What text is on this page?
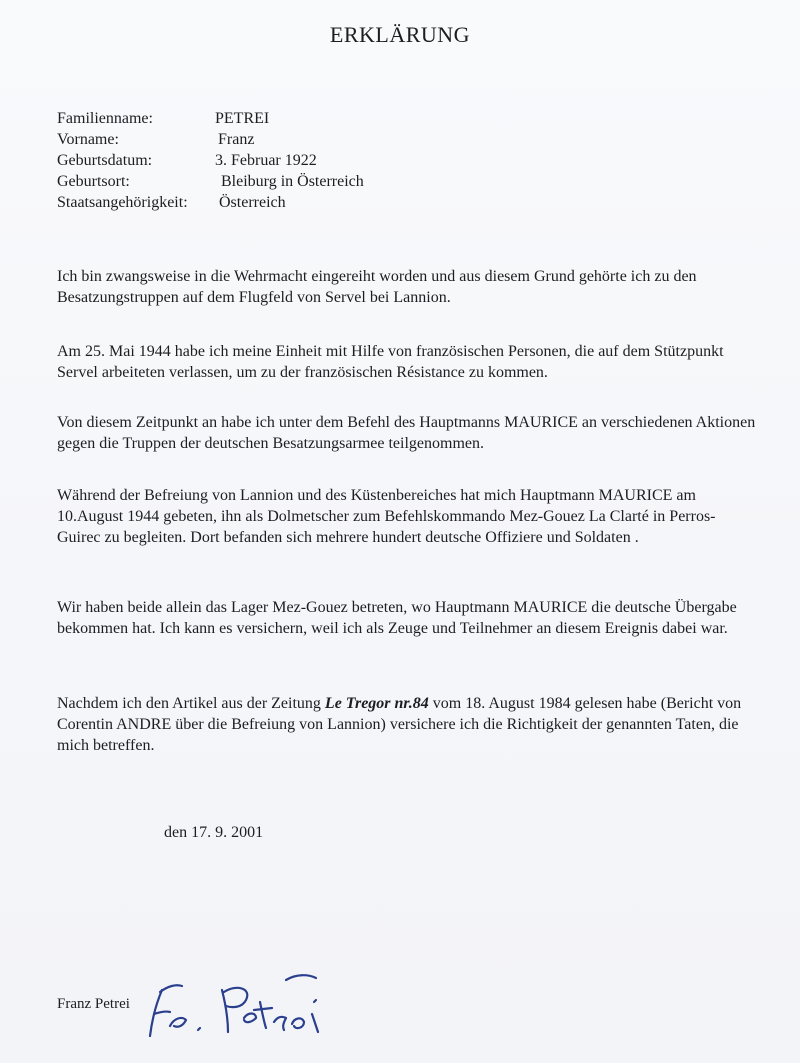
ERKLÄRUNG
Familienname:	PETREI
Vorname:	Franz
Geburtsdatum:	3. Februar 1922
Geburtsort:	Bleiburg in Österreich
Staatsangehörigkeit:	Österreich

Ich bin zwangsweise in die Wehrmacht eingereiht worden und aus diesem Grund gehörte ich zu den Besatzungstruppen auf dem Flugfeld von Servel bei Lannion.

Am 25. Mai 1944 habe ich meine Einheit mit Hilfe von französischen Personen, die auf dem Stützpunkt Servel arbeiteten verlassen, um zu der französischen Résistance zu kommen.

Von diesem Zeitpunkt an habe ich unter dem Befehl des Hauptmanns MAURICE an verschiedenen Aktionen gegen die Truppen der deutschen Besatzungsarmee teilgenommen.

Während der Befreiung von Lannion und des Küstenbereiches hat mich Hauptmann MAURICE am 10.August 1944 gebeten, ihn als Dolmetscher zum Befehlskommando Mez-Gouez La Clarté in Perros-Guirec zu begleiten. Dort befanden sich mehrere hundert deutsche Offiziere und Soldaten .

Wir haben beide allein das Lager Mez-Gouez betreten, wo Hauptmann MAURICE die deutsche Übergabe bekommen hat. Ich kann es versichern, weil ich als Zeuge und Teilnehmer an diesem Ereignis dabei war.

Nachdem ich den Artikel aus der Zeitung Le Tregor nr.84 vom 18. August 1984 gelesen habe (Bericht von Corentin ANDRE über die Befreiung von Lannion) versichere ich die Richtigkeit der genannten Taten, die mich betreffen.

den 17. 9. 2001
Franz Petrei
